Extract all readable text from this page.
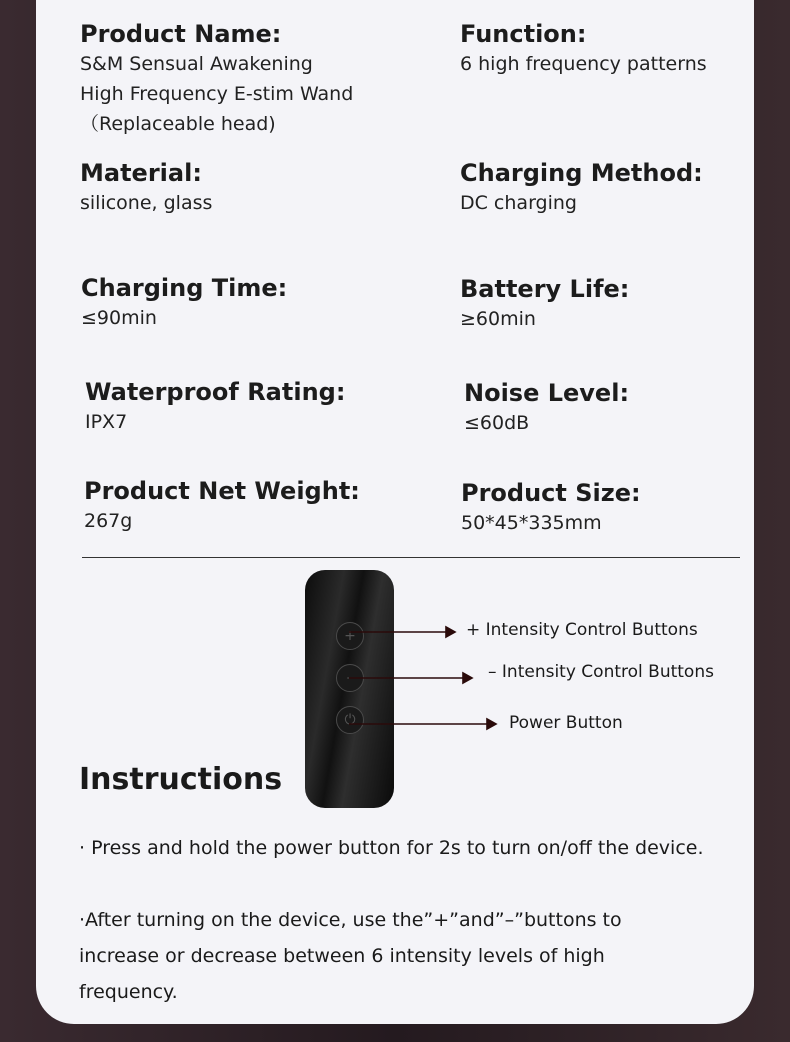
Product Name:
S&M Sensual Awakening
High Frequency E-stim Wand
（Replaceable head)
Function:
6 high frequency patterns
Material:
silicone, glass
Charging Method:
DC charging
Charging Time:
≤90min
Battery Life:
≥60min
Waterproof Rating:
IPX7
Noise Level:
≤60dB
Product Net Weight:
267g
Product Size:
50*45*335mm
+
–
⏻
+ Intensity Control Buttons
– Intensity Control Buttons
Power Button
Instructions
· Press and hold the power button for 2s to turn on/off the device.
·After turning on the device, use the”+”and”–”buttons to increase or decrease between 6 intensity levels of high frequency.
